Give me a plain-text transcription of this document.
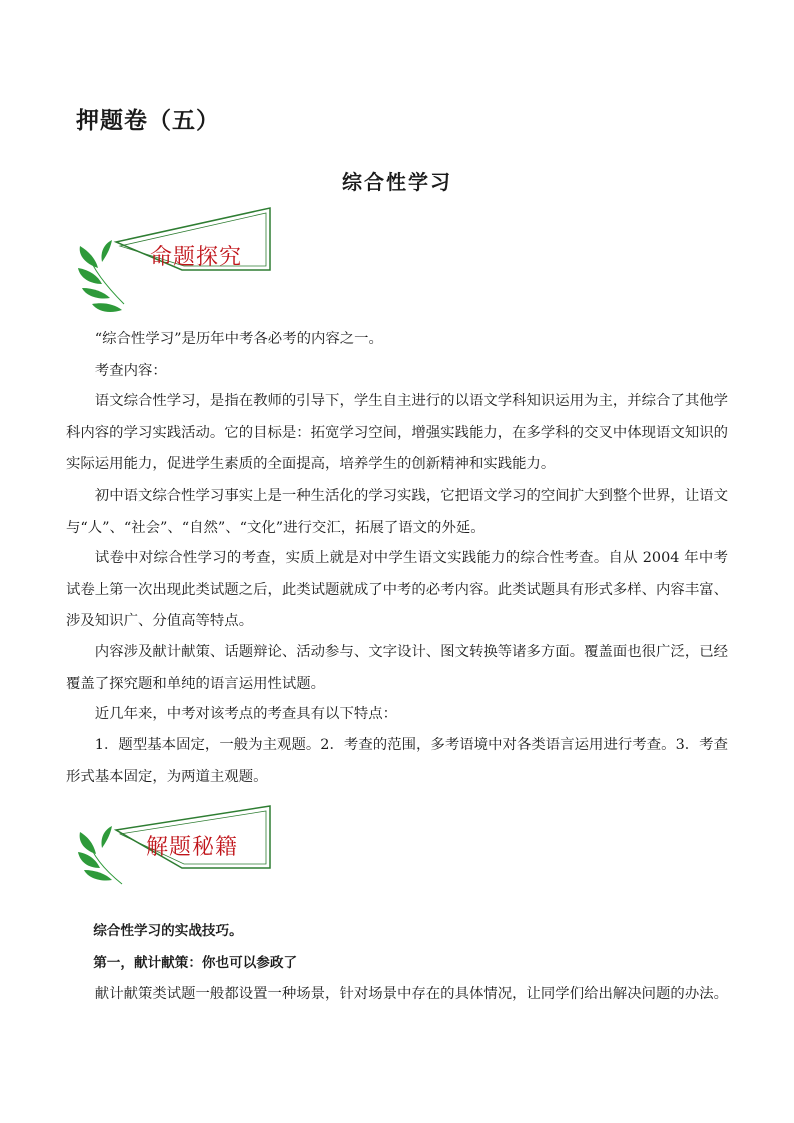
押题卷（五）
综合性学习
命题探究
“综合性学习”是历年中考各必考的内容之一。
考查内容：
语文综合性学习，是指在教师的引导下，学生自主进行的以语文学科知识运用为主，并综合了其他学科内容的学习实践活动。它的目标是：拓宽学习空间，增强实践能力，在多学科的交叉中体现语文知识的实际运用能力，促进学生素质的全面提高，培养学生的创新精神和实践能力。
初中语文综合性学习事实上是一种生活化的学习实践，它把语文学习的空间扩大到整个世界，让语文与“人”、“社会”、“自然”、“文化”进行交汇，拓展了语文的外延。
试卷中对综合性学习的考查，实质上就是对中学生语文实践能力的综合性考查。自从 2004 年中考试卷上第一次出现此类试题之后，此类试题就成了中考的必考内容。此类试题具有形式多样、内容丰富、涉及知识广、分值高等特点。
内容涉及献计献策、话题辩论、活动参与、文字设计、图文转换等诸多方面。覆盖面也很广泛，已经覆盖了探究题和单纯的语言运用性试题。
近几年来，中考对该考点的考查具有以下特点：
1．题型基本固定，一般为主观题。2．考查的范围，多考语境中对各类语言运用进行考查。3．考查形式基本固定，为两道主观题。
解题秘籍
综合性学习的实战技巧。
第一，献计献策：你也可以参政了
献计献策类试题一般都设置一种场景，针对场景中存在的具体情况，让同学们给出解决问题的办法。
